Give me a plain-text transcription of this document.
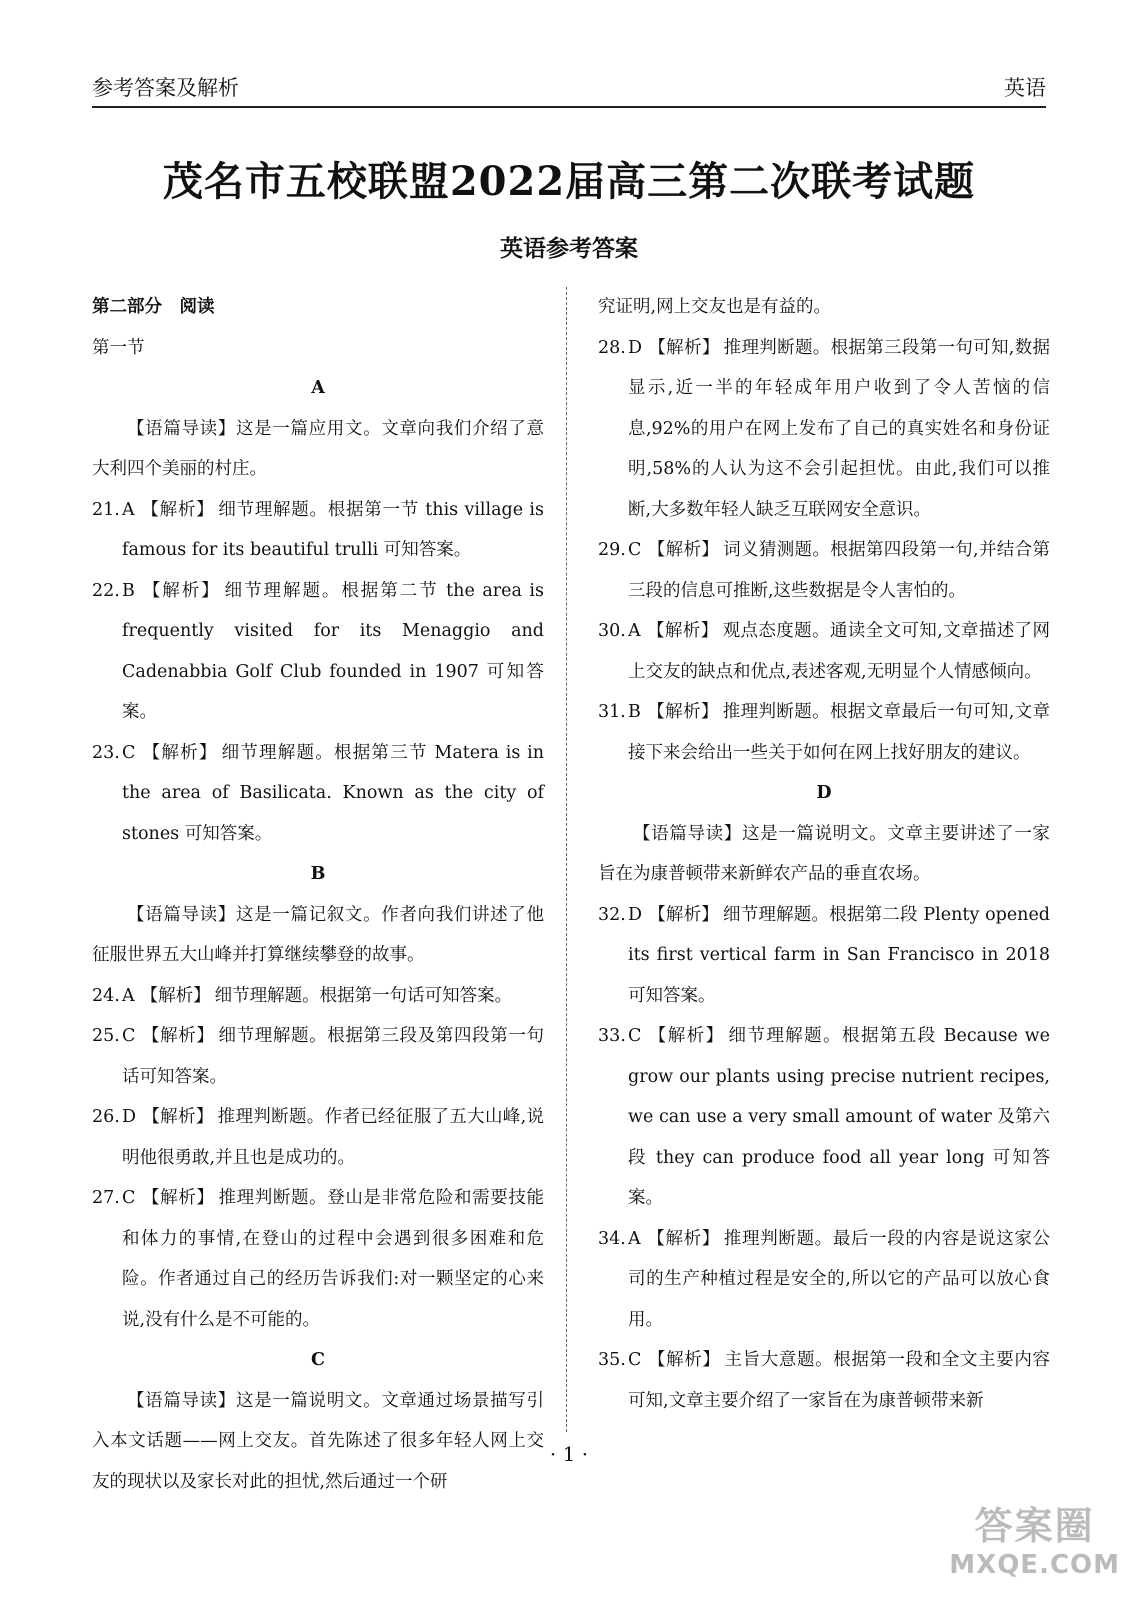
参考答案及解析	英语
茂名市五校联盟2022届高三第二次联考试题
英语参考答案

第二部分　阅读

第一节

A

【语篇导读】这是一篇应用文。文章向我们介绍了意大利四个美丽的村庄。

21. A 【解析】 细节理解题。根据第一节 this village is famous for its beautiful trulli 可知答案。
22. B 【解析】 细节理解题。根据第二节 the area is frequently visited for its Menaggio and Cadenabbia Golf Club founded in 1907 可知答案。
23. C 【解析】 细节理解题。根据第三节 Matera is in the area of Basilicata. Known as the city of stones 可知答案。

B

【语篇导读】这是一篇记叙文。作者向我们讲述了他征服世界五大山峰并打算继续攀登的故事。

24. A 【解析】 细节理解题。根据第一句话可知答案。
25. C 【解析】 细节理解题。根据第三段及第四段第一句话可知答案。
26. D 【解析】 推理判断题。作者已经征服了五大山峰,说明他很勇敢,并且也是成功的。
27. C 【解析】 推理判断题。登山是非常危险和需要技能和体力的事情,在登山的过程中会遇到很多困难和危险。作者通过自己的经历告诉我们:对一颗坚定的心来说,没有什么是不可能的。

C

【语篇导读】这是一篇说明文。文章通过场景描写引入本文话题——网上交友。首先陈述了很多年轻人网上交友的现状以及家长对此的担忧,然后通过一个研

究证明,网上交友也是有益的。

28. D 【解析】 推理判断题。根据第三段第一句可知,数据显示,近一半的年轻成年用户收到了令人苦恼的信息,92%的用户在网上发布了自己的真实姓名和身份证明,58%的人认为这不会引起担忧。由此,我们可以推断,大多数年轻人缺乏互联网安全意识。
29. C 【解析】 词义猜测题。根据第四段第一句,并结合第三段的信息可推断,这些数据是令人害怕的。
30. A 【解析】 观点态度题。通读全文可知,文章描述了网上交友的缺点和优点,表述客观,无明显个人情感倾向。
31. B 【解析】 推理判断题。根据文章最后一句可知,文章接下来会给出一些关于如何在网上找好朋友的建议。

D

【语篇导读】这是一篇说明文。文章主要讲述了一家旨在为康普顿带来新鲜农产品的垂直农场。

32. D 【解析】 细节理解题。根据第二段 Plenty opened its first vertical farm in San Francisco in 2018 可知答案。
33. C 【解析】 细节理解题。根据第五段 Because we grow our plants using precise nutrient recipes, we can use a very small amount of water 及第六段 they can produce food all year long 可知答案。
34. A 【解析】 推理判断题。最后一段的内容是说这家公司的生产种植过程是安全的,所以它的产品可以放心食用。
35. C 【解析】 主旨大意题。根据第一段和全文主要内容可知,文章主要介绍了一家旨在为康普顿带来新
· 1 ·
答案圈
MXQE.COM
